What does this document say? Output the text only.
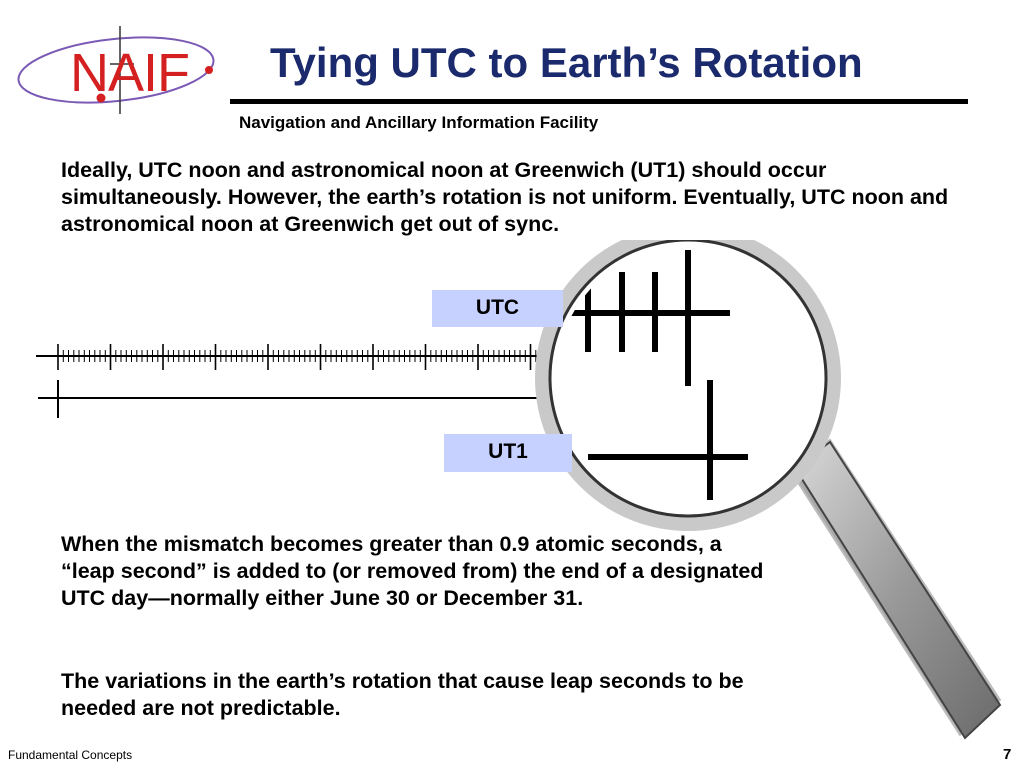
NAIF Tying UTC to Earth’s Rotation
Navigation and Ancillary Information Facility
Ideally, UTC noon and astronomical noon at Greenwich (UT1) should occur simultaneously. However, the earth’s rotation is not uniform. Eventually, UTC noon and astronomical noon at Greenwich get out of sync.
UTC
UT1
When the mismatch becomes greater than 0.9 atomic seconds, a “leap second” is added to (or removed from) the end of a designated UTC day—normally either June 30 or December 31.
The variations in the earth’s rotation that cause leap seconds to be needed are not predictable.
Fundamental Concepts	7
